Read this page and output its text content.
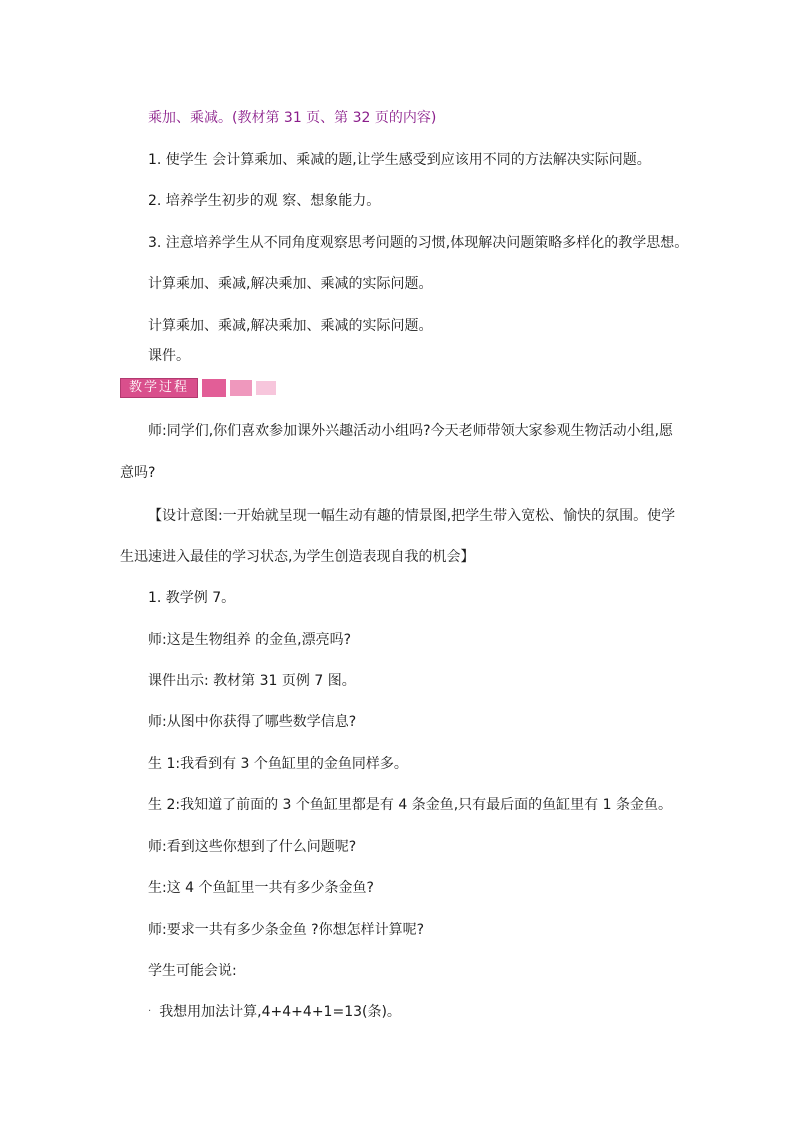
乘加、乘减。(教材第 31 页、第 32 页的内容)
1. 使学生 会计算乘加、乘减的题,让学生感受到应该用不同的方法解决实际问题。
2. 培养学生初步的观 察、想象能力。
3. 注意培养学生从不同角度观察思考问题的习惯,体现解决问题策略多样化的教学思想。
计算乘加、乘减,解决乘加、乘减的实际问题。
计算乘加、乘减,解决乘加、乘减的实际问题。
课件。
教学过程
师:同学们,你们喜欢参加课外兴趣活动小组吗?今天老师带领大家参观生物活动小组,愿
意吗?
【设计意图:一开始就呈现一幅生动有趣的情景图,把学生带入宽松、愉快的氛围。使学
生迅速进入最佳的学习状态,为学生创造表现自我的机会】
1. 教学例 7。
师:这是生物组养 的金鱼,漂亮吗?
课件出示: 教材第 31 页例 7 图。
师:从图中你获得了哪些数学信息?
生 1:我看到有 3 个鱼缸里的金鱼同样多。
生 2:我知道了前面的 3 个鱼缸里都是有 4 条金鱼,只有最后面的鱼缸里有 1 条金鱼。
师:看到这些你想到了什么问题呢?
生:这 4 个鱼缸里一共有多少条金鱼?
师:要求一共有多少条金鱼 ?你想怎样计算呢?
学生可能会说:
· 我想用加法计算,4+4+4+1=13(条)。
